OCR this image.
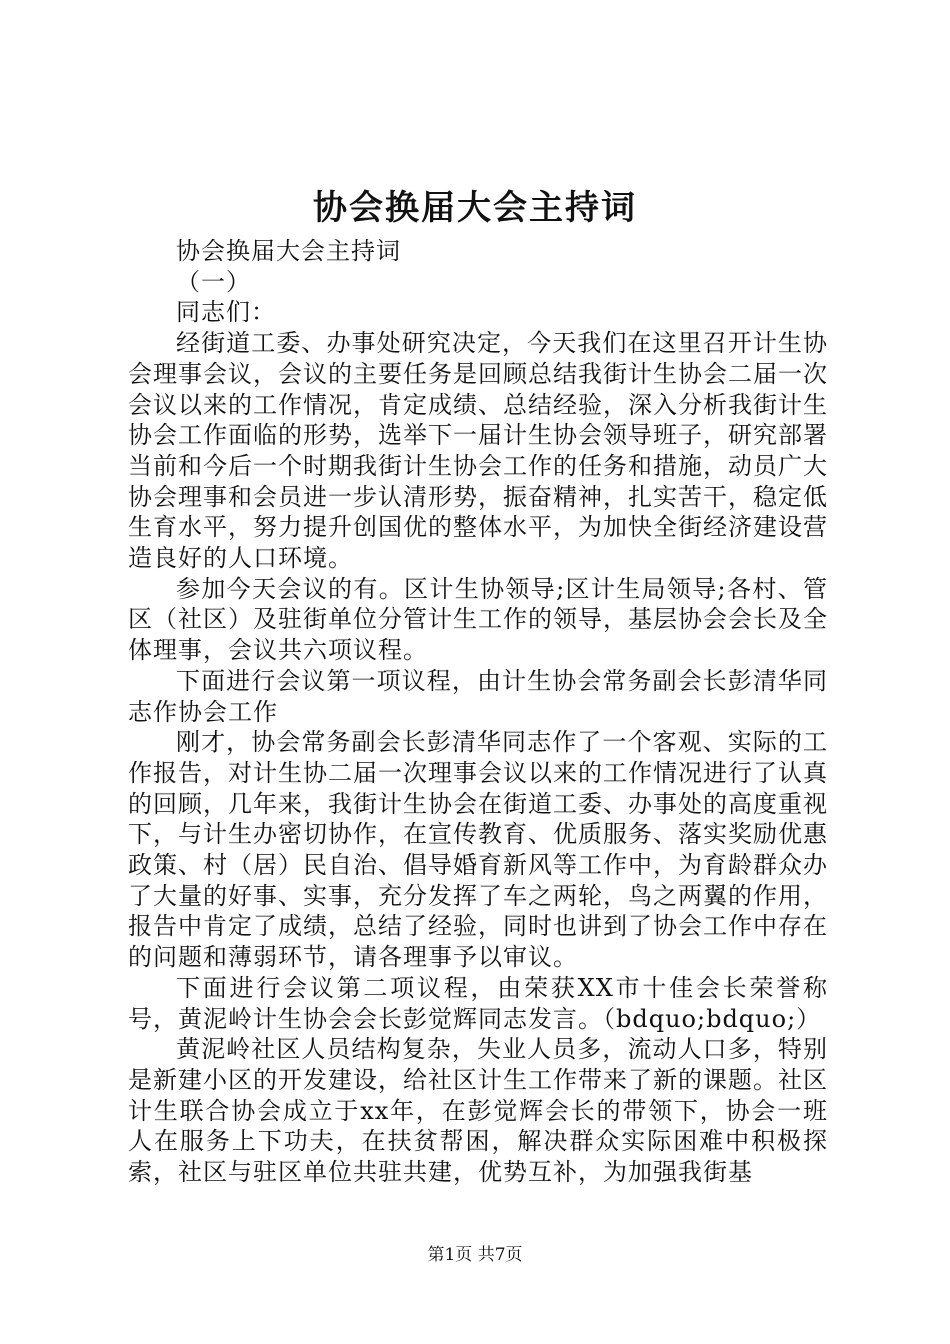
协会换届大会主持词

协会换届大会主持词

（一）

同志们：

经街道工委、办事处研究决定，今天我们在这里召开计生协会理事会议，会议的主要任务是回顾总结我街计生协会二届一次会议以来的工作情况，肯定成绩、总结经验，深入分析我街计生协会工作面临的形势，选举下一届计生协会领导班子，研究部署当前和今后一个时期我街计生协会工作的任务和措施，动员广大协会理事和会员进一步认清形势，振奋精神，扎实苦干，稳定低生育水平，努力提升创国优的整体水平，为加快全街经济建设营造良好的人口环境。

参加今天会议的有。区计生协领导;区计生局领导;各村、管区（社区）及驻街单位分管计生工作的领导，基层协会会长及全体理事，会议共六项议程。

下面进行会议第一项议程，由计生协会常务副会长彭清华同志作协会工作

刚才，协会常务副会长彭清华同志作了一个客观、实际的工作报告，对计生协二届一次理事会议以来的工作情况进行了认真的回顾，几年来，我街计生协会在街道工委、办事处的高度重视下，与计生办密切协作，在宣传教育、优质服务、落实奖励优惠政策、村（居）民自治、倡导婚育新风等工作中，为育龄群众办了大量的好事、实事，充分发挥了车之两轮，鸟之两翼的作用，报告中肯定了成绩，总结了经验，同时也讲到了协会工作中存在的问题和薄弱环节，请各理事予以审议。

下面进行会议第二项议程，由荣获XX市十佳会长荣誉称号，黄泥岭计生协会会长彭觉辉同志发言。（bdquo;bdquo;）

黄泥岭社区人员结构复杂，失业人员多，流动人口多，特别是新建小区的开发建设，给社区计生工作带来了新的课题。社区计生联合协会成立于xx年，在彭觉辉会长的带领下，协会一班人在服务上下功夫，在扶贫帮困，解决群众实际困难中积极探索，社区与驻区单位共驻共建，优势互补，为加强我街基

第1页 共7页
